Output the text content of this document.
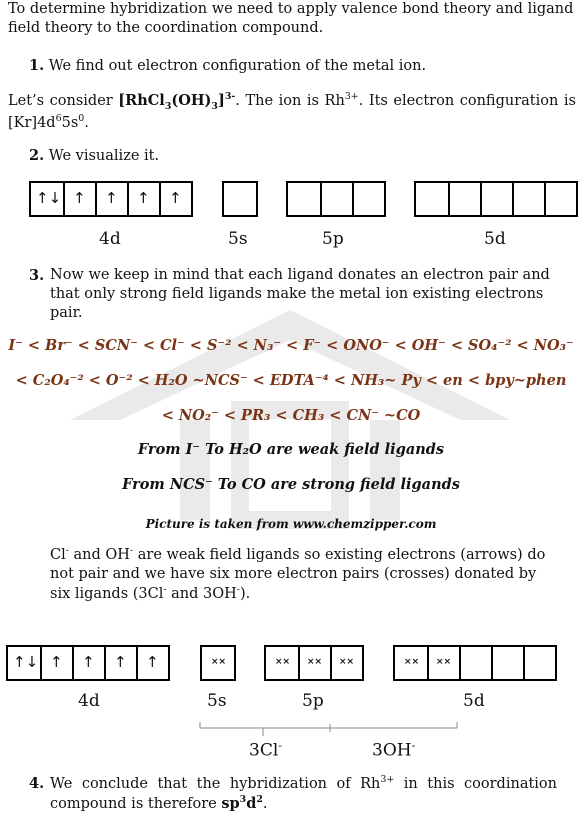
To determine hybridization we need to apply valence bond theory and ligand field theory to the coordination compound.
1. We find out electron configuration of the metal ion.
Let’s consider $[RhCl_3(OH)_3]^{3-}$. The ion is $Rh^{3+}$. Its electron configuration is $[Kr]4d^65s^0$.
2. We visualize it.
↑↓ ↑ ↑ ↑ ↑
4d	5s	5p	5d
3. Now we keep in mind that each ligand donates an electron pair and that only strong field ligands make the metal ion existing electrons pair.
I⁻ < Br⁻ < SCN⁻ < Cl⁻ < S⁻² < N₃⁻ < F⁻ < ONO⁻ < OH⁻ < SO₄⁻² < NO₃⁻
< C₂O₄⁻² < O⁻² < H₂O ~NCS⁻ < EDTA⁻⁴ < NH₃~ Py < en < bpy~phen
< NO₂⁻ < PR₃ < CH₃ < CN⁻ ~CO
From I⁻ To H₂O are weak field ligands
From NCS⁻ To CO are strong field ligands
Picture is taken from www.chemzipper.com
Cl- and OH- are weak field ligands so existing electrons (arrows) do not pair and we have six more electron pairs (crosses) donated by six ligands (3Cl- and 3OH-).
↑↓ ↑ ↑ ↑ ↑	××	×× ×× ××	×× ××
4d	5s	5p	5d
3Cl-	3OH-
4. We conclude that the hybridization of $Rh^{3+}$ in this coordination compound is therefore $sp^3d^2$.
